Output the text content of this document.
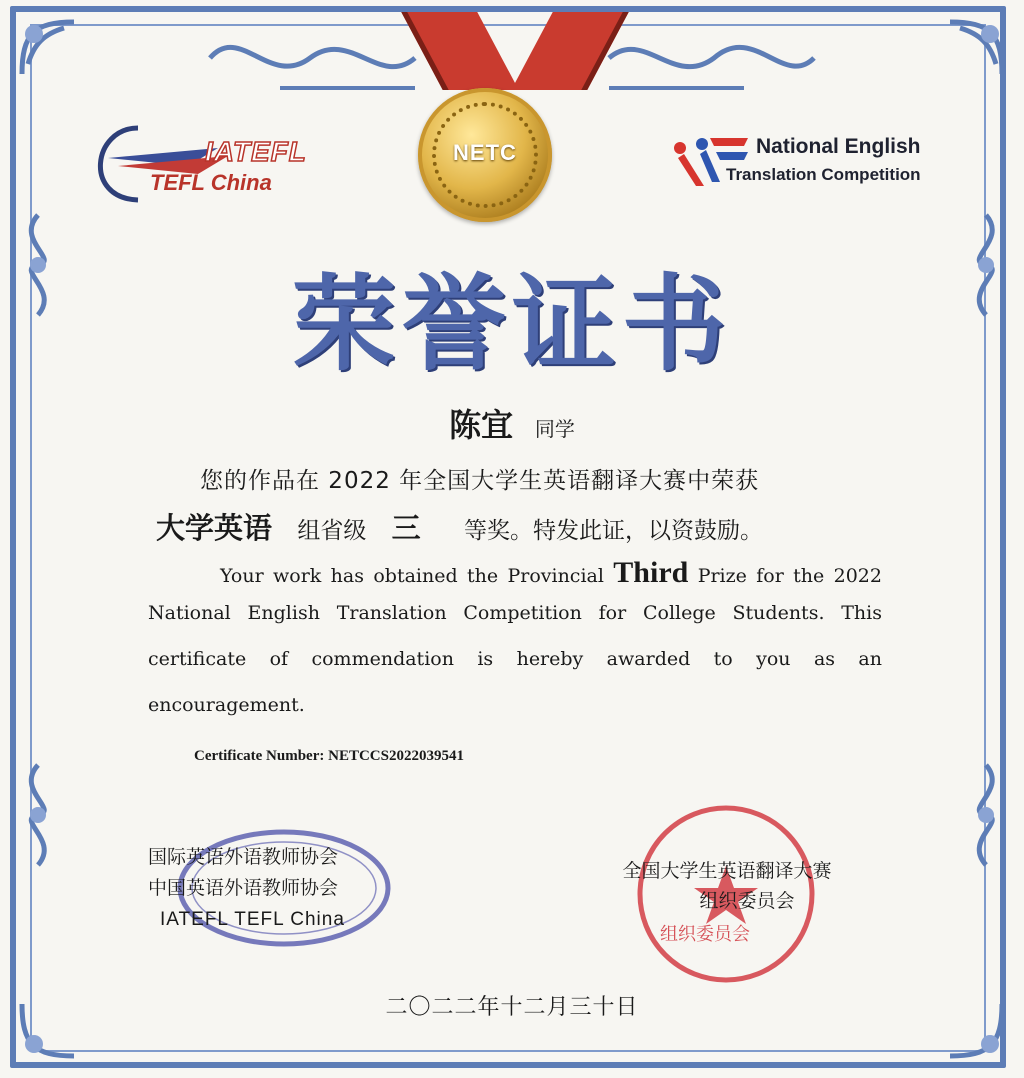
NETC
IATEFL
TEFL China
National English
Translation Competition
荣誉证书
陈宜 同学
您的作品在 2022 年全国大学生英语翻译大赛中荣获
大学英语 组省级 三 等奖。特发此证，以资鼓励。
Your work has obtained the Provincial Third Prize for the 2022
National English Translation Competition for College Students. This
certificate of commendation is hereby awarded to you as an
encouragement.
Certificate Number: NETCCS2022039541
国际英语外语教师协会
中国英语外语教师协会
IATEFL TEFL China
全国大学生英语翻译大赛
组织委员会
组织委员会
二〇二二年十二月三十日
